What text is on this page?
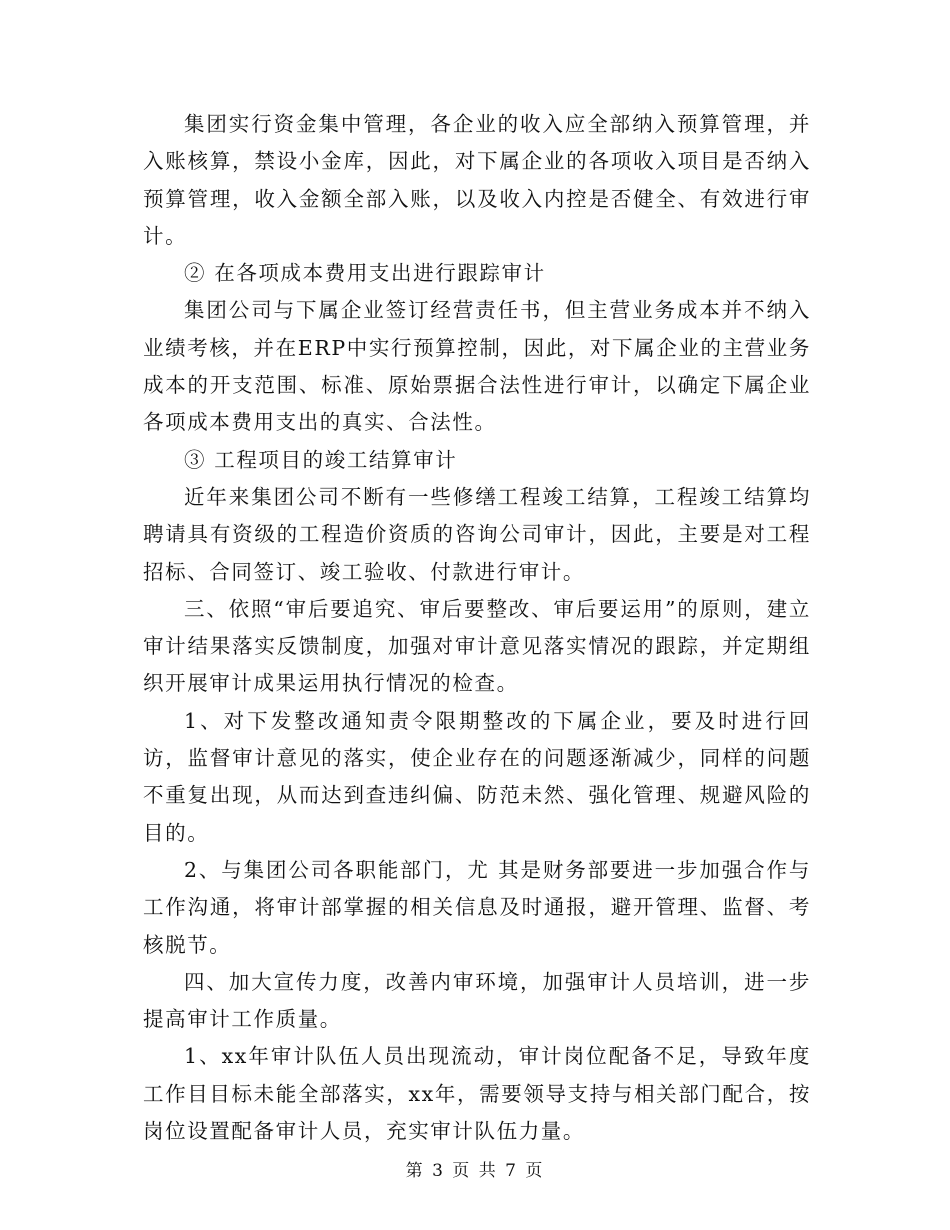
集团实行资金集中管理，各企业的收入应全部纳入预算管理，并入账核算，禁设小金库，因此，对下属企业的各项收入项目是否纳入预算管理，收入金额全部入账，以及收入内控是否健全、有效进行审计。

② 在各项成本费用支出进行跟踪审计

集团公司与下属企业签订经营责任书，但主营业务成本并不纳入业绩考核，并在ERP中实行预算控制，因此，对下属企业的主营业务成本的开支范围、标准、原始票据合法性进行审计，以确定下属企业各项成本费用支出的真实、合法性。

③ 工程项目的竣工结算审计

近年来集团公司不断有一些修缮工程竣工结算，工程竣工结算均聘请具有资级的工程造价资质的咨询公司审计，因此，主要是对工程招标、合同签订、竣工验收、付款进行审计。

三、依照“审后要追究、审后要整改、审后要运用”的原则，建立审计结果落实反馈制度，加强对审计意见落实情况的跟踪，并定期组织开展审计成果运用执行情况的检查。

1、对下发整改通知责令限期整改的下属企业，要及时进行回访，监督审计意见的落实，使企业存在的问题逐渐减少，同样的问题不重复出现，从而达到查违纠偏、防范未然、强化管理、规避风险的目的。

2、与集团公司各职能部门，尤 其是财务部要进一步加强合作与工作沟通，将审计部掌握的相关信息及时通报，避开管理、监督、考核脱节。

四、加大宣传力度，改善内审环境，加强审计人员培训，进一步提高审计工作质量。

1、xx年审计队伍人员出现流动，审计岗位配备不足，导致年度工作目目标未能全部落实，xx年，需要领导支持与相关部门配合，按岗位设置配备审计人员，充实审计队伍力量。

第 3 页 共 7 页
